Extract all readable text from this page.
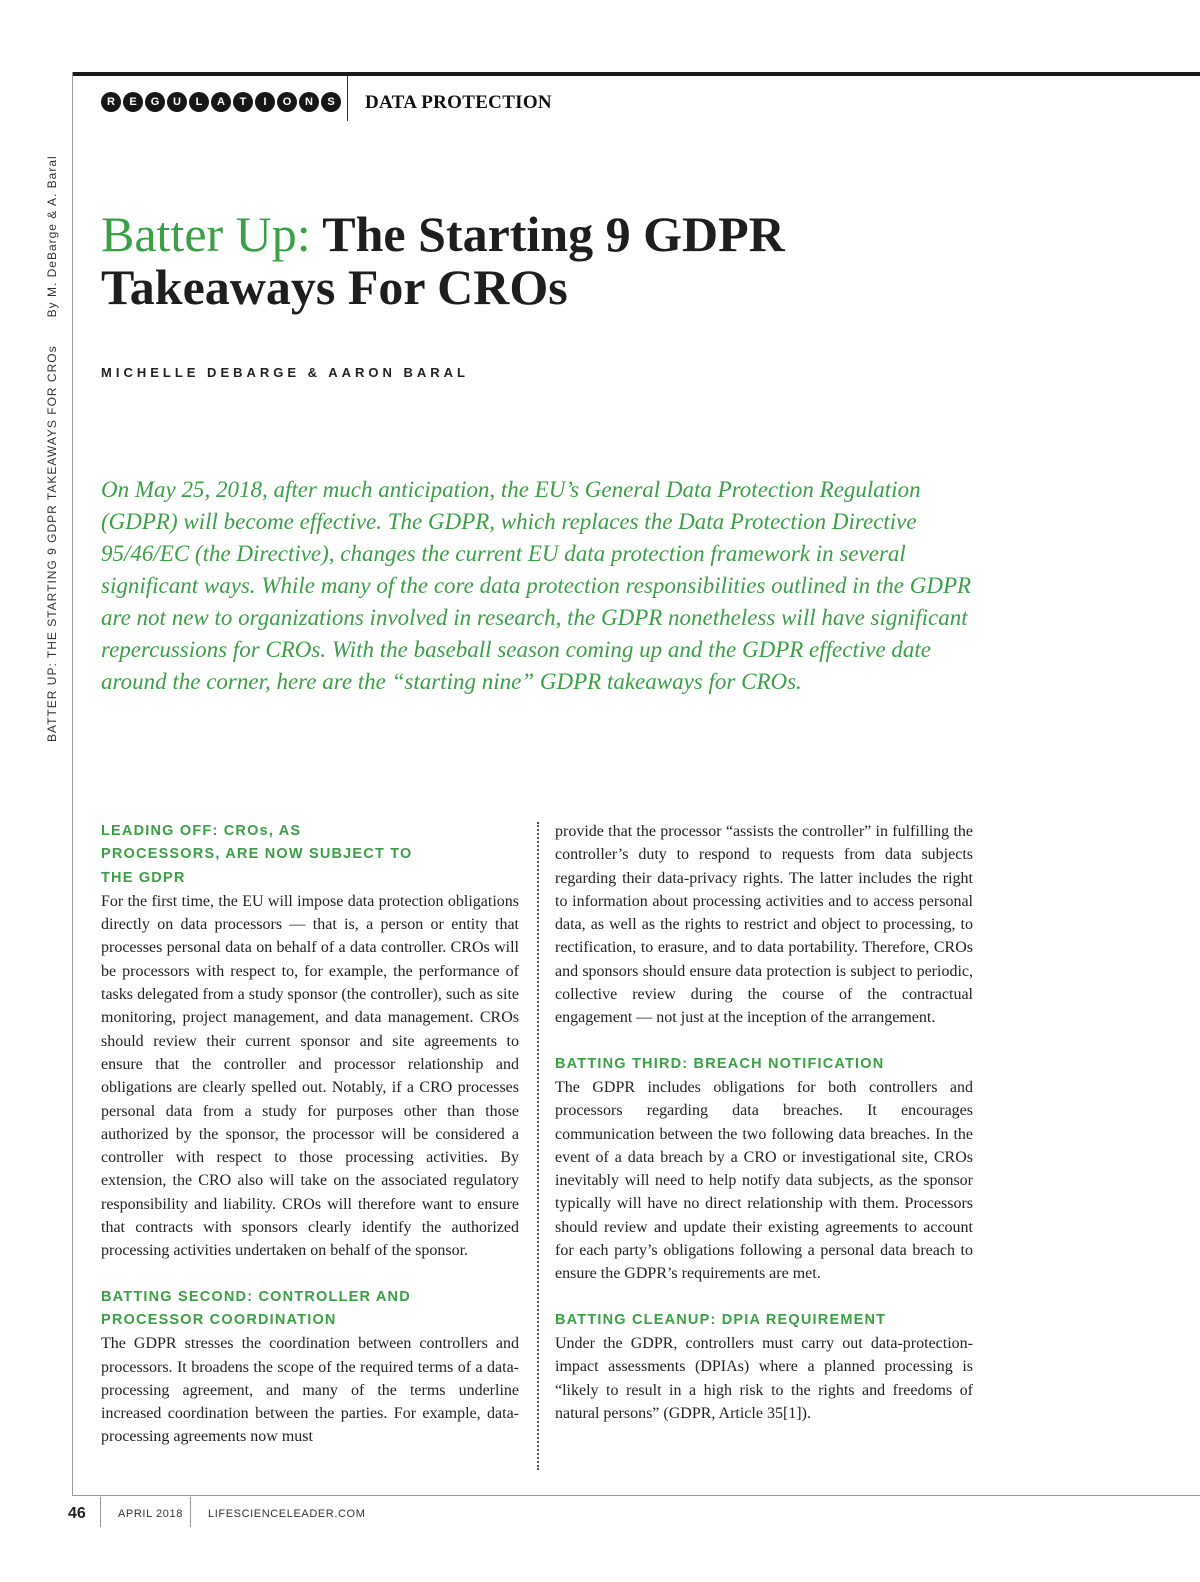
R	E	G	U	L	A	T	I	O	N	S	DATA PROTECTION
BATTER UP: THE STARTING 9 GDPR TAKEAWAYS FOR CROs
By M. DeBarge & A. Baral Batter Up: The Starting 9 GDPR Takeaways For CROs
MICHELLE DEBARGE & AARON BARAL

On May 25, 2018, after much anticipation, the EU’s General Data Protection Regulation (GDPR) will become effective. The GDPR, which replaces the Data Protection Directive 95/46/EC (the Directive), changes the current EU data protection framework in several significant ways. While many of the core data protection responsibilities outlined in the GDPR are not new to organizations involved in research, the GDPR nonetheless will have significant repercussions for CROs. With the baseball season coming up and the GDPR effective date around the corner, here are the “starting nine” GDPR takeaways for CROs.

LEADING OFF: CROs, AS PROCESSORS, ARE NOW SUBJECT TO THE GDPR

For the first time, the EU will impose data protection obligations directly on data processors — that is, a person or entity that processes personal data on behalf of a data controller. CROs will be processors with respect to, for example, the performance of tasks delegated from a study sponsor (the controller), such as site monitoring, project management, and data management. CROs should review their current sponsor and site agreements to ensure that the controller and processor relationship and obligations are clearly spelled out. Notably, if a CRO processes personal data from a study for purposes other than those authorized by the sponsor, the processor will be considered a controller with respect to those processing activities. By extension, the CRO also will take on the associated regulatory responsibility and liability. CROs will therefore want to ensure that contracts with sponsors clearly identify the authorized processing activities undertaken on behalf of the sponsor.

BATTING SECOND: CONTROLLER AND PROCESSOR COORDINATION

The GDPR stresses the coordination between controllers and processors. It broadens the scope of the required terms of a data-processing agreement, and many of the terms underline increased coordination between the parties. For example, data-processing agreements now must

provide that the processor “assists the controller” in fulfilling the controller’s duty to respond to requests from data subjects regarding their data-privacy rights. The latter includes the right to information about processing activities and to access personal data, as well as the rights to restrict and object to processing, to rectification, to erasure, and to data portability. Therefore, CROs and sponsors should ensure data protection is subject to periodic, collective review during the course of the contractual engagement — not just at the inception of the arrangement.

BATTING THIRD: BREACH NOTIFICATION

The GDPR includes obligations for both controllers and processors regarding data breaches. It encourages communication between the two following data breaches. In the event of a data breach by a CRO or investigational site, CROs inevitably will need to help notify data subjects, as the sponsor typically will have no direct relationship with them. Processors should review and update their existing agreements to account for each party’s obligations following a personal data breach to ensure the GDPR’s requirements are met.

BATTING CLEANUP: DPIA REQUIREMENT

Under the GDPR, controllers must carry out data-protection-impact assessments (DPIAs) where a planned processing is “likely to result in a high risk to the rights and freedoms of natural persons” (GDPR, Article 35[1]).

46	APRIL 2018 LIFESCIENCELEADER.COM
